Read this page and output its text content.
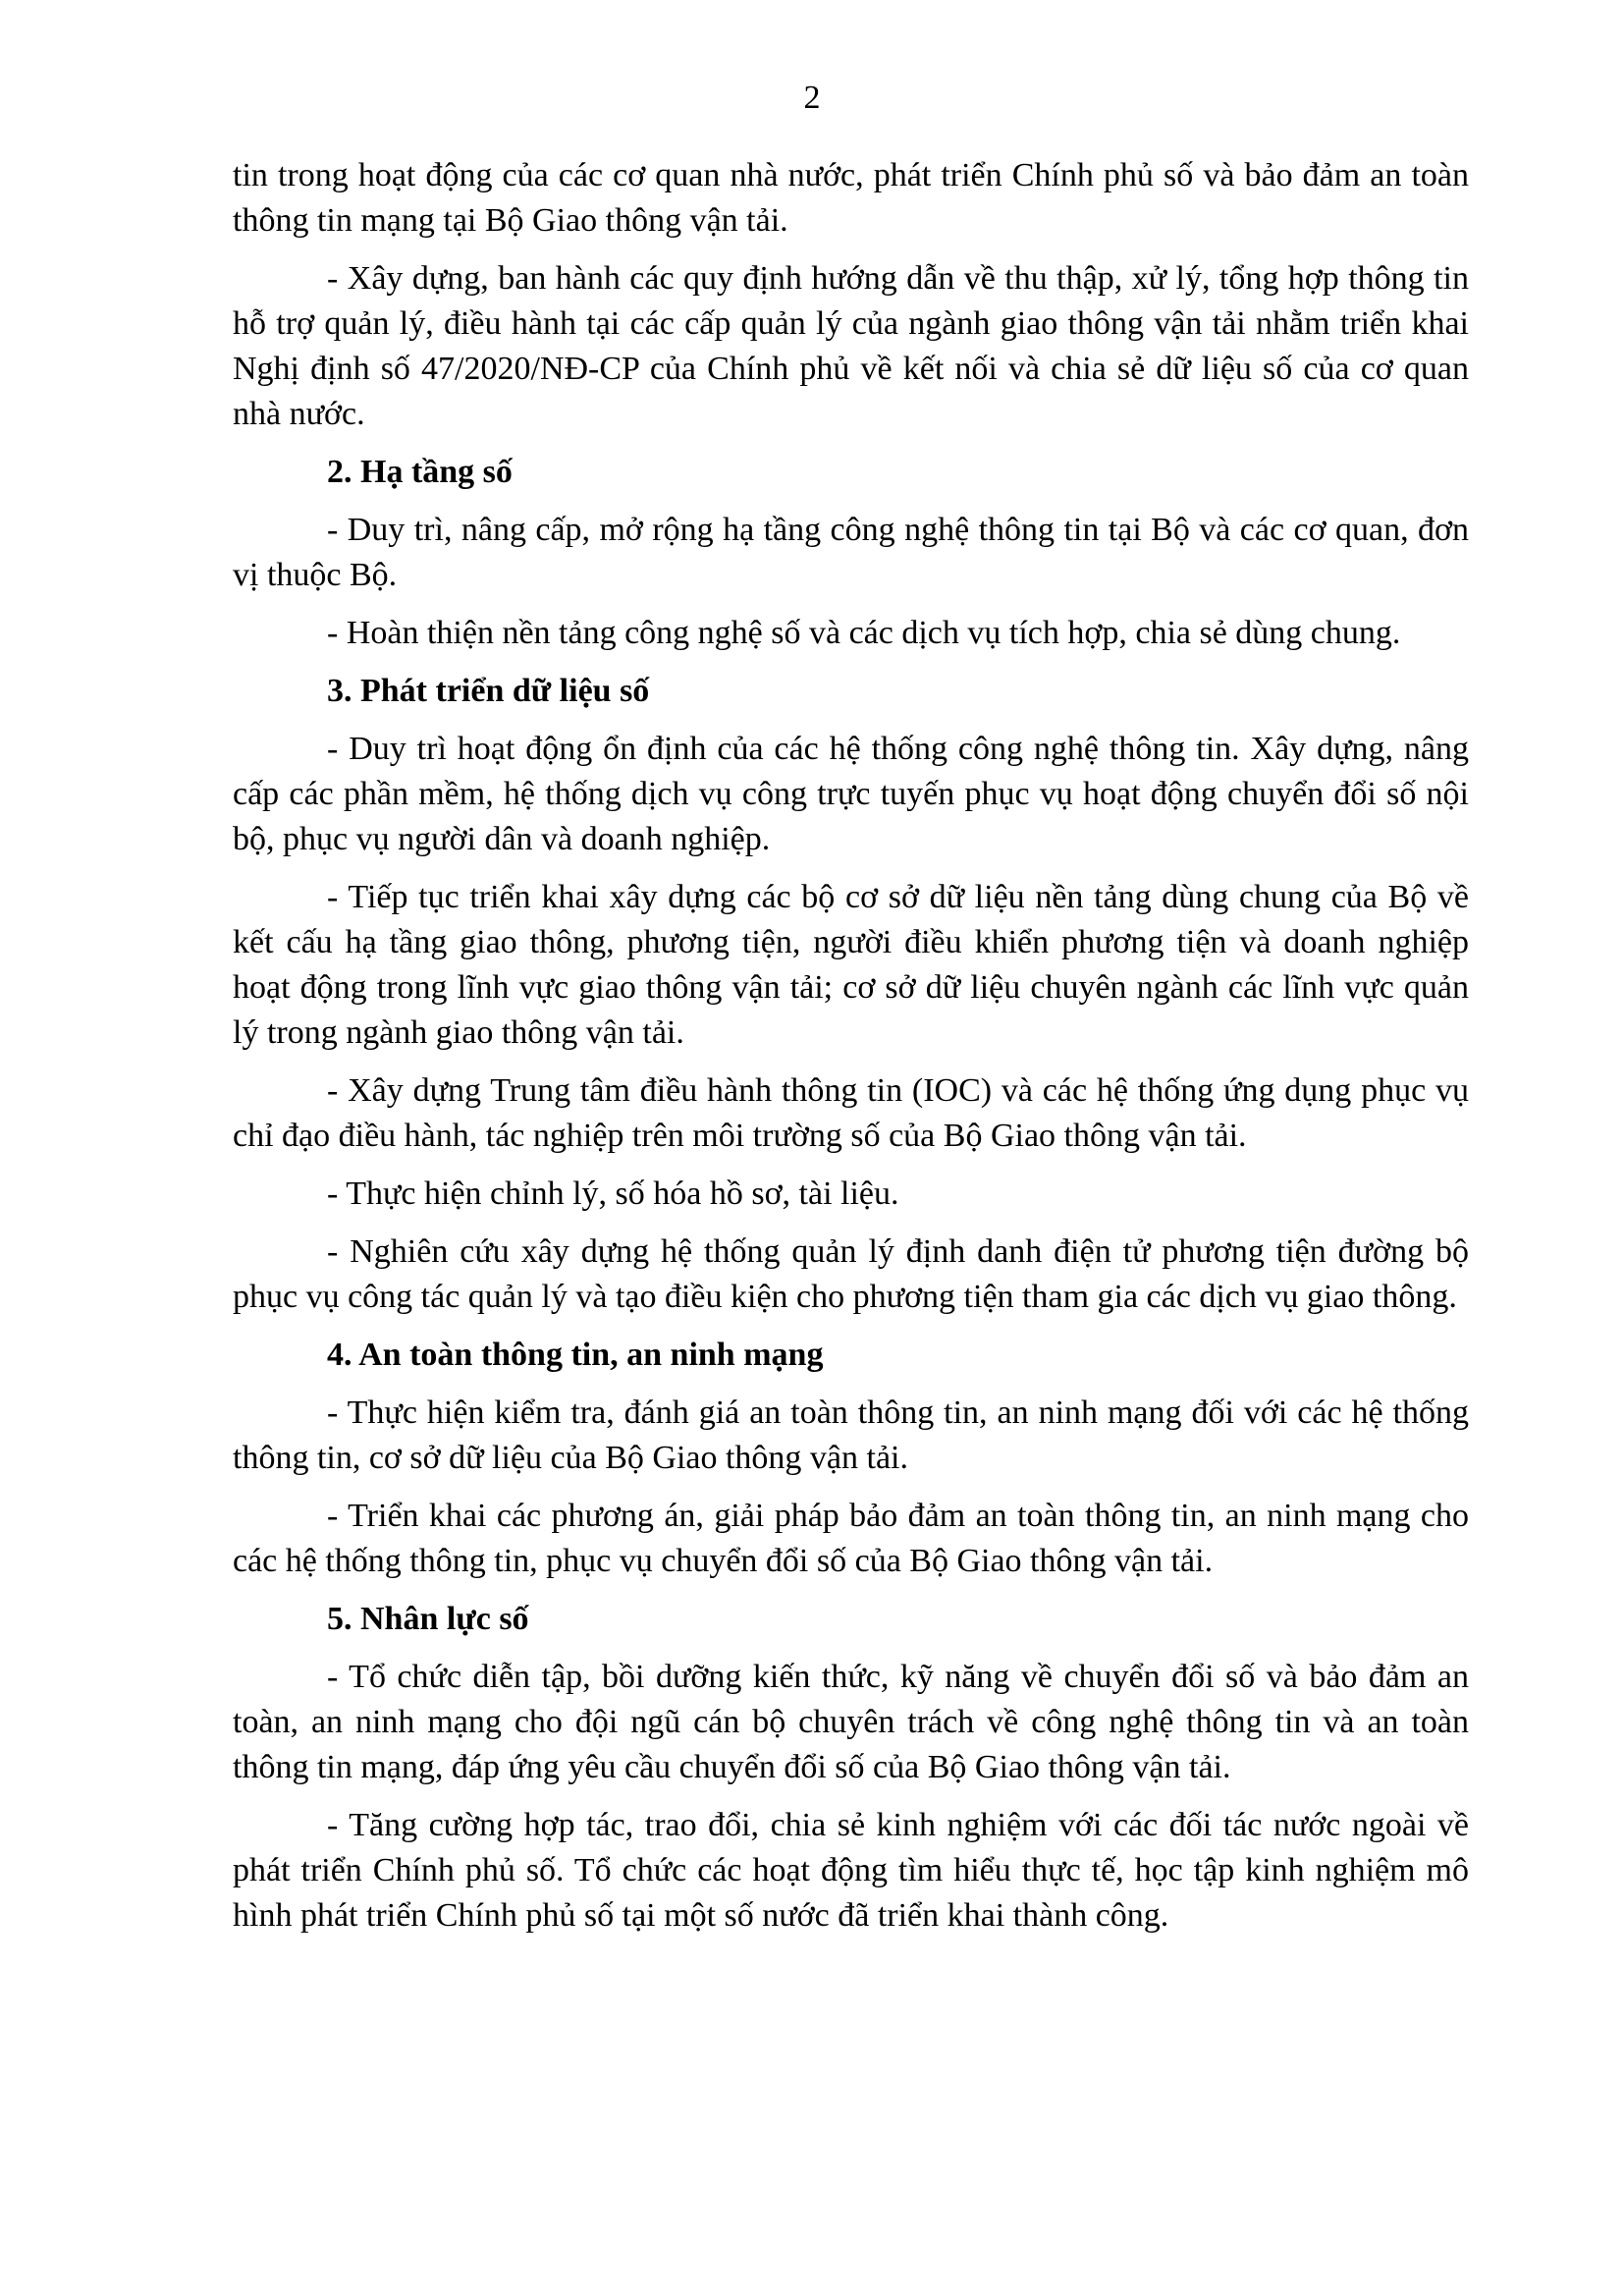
2

tin trong hoạt động của các cơ quan nhà nước, phát triển Chính phủ số và bảo đảm an toàn thông tin mạng tại Bộ Giao thông vận tải.

- Xây dựng, ban hành các quy định hướng dẫn về thu thập, xử lý, tổng hợp thông tin hỗ trợ quản lý, điều hành tại các cấp quản lý của ngành giao thông vận tải nhằm triển khai Nghị định số 47/2020/NĐ-CP của Chính phủ về kết nối và chia sẻ dữ liệu số của cơ quan nhà nước.

2. Hạ tầng số

- Duy trì, nâng cấp, mở rộng hạ tầng công nghệ thông tin tại Bộ và các cơ quan, đơn vị thuộc Bộ.

- Hoàn thiện nền tảng công nghệ số và các dịch vụ tích hợp, chia sẻ dùng chung.

3. Phát triển dữ liệu số

- Duy trì hoạt động ổn định của các hệ thống công nghệ thông tin. Xây dựng, nâng cấp các phần mềm, hệ thống dịch vụ công trực tuyến phục vụ hoạt động chuyển đổi số nội bộ, phục vụ người dân và doanh nghiệp.

- Tiếp tục triển khai xây dựng các bộ cơ sở dữ liệu nền tảng dùng chung của Bộ về kết cấu hạ tầng giao thông, phương tiện, người điều khiển phương tiện và doanh nghiệp hoạt động trong lĩnh vực giao thông vận tải; cơ sở dữ liệu chuyên ngành các lĩnh vực quản lý trong ngành giao thông vận tải.

- Xây dựng Trung tâm điều hành thông tin (IOC) và các hệ thống ứng dụng phục vụ chỉ đạo điều hành, tác nghiệp trên môi trường số của Bộ Giao thông vận tải.

- Thực hiện chỉnh lý, số hóa hồ sơ, tài liệu.

- Nghiên cứu xây dựng hệ thống quản lý định danh điện tử phương tiện đường bộ phục vụ công tác quản lý và tạo điều kiện cho phương tiện tham gia các dịch vụ giao thông.

4. An toàn thông tin, an ninh mạng

- Thực hiện kiểm tra, đánh giá an toàn thông tin, an ninh mạng đối với các hệ thống thông tin, cơ sở dữ liệu của Bộ Giao thông vận tải.

- Triển khai các phương án, giải pháp bảo đảm an toàn thông tin, an ninh mạng cho các hệ thống thông tin, phục vụ chuyển đổi số của Bộ Giao thông vận tải.

5. Nhân lực số

- Tổ chức diễn tập, bồi dưỡng kiến thức, kỹ năng về chuyển đổi số và bảo đảm an toàn, an ninh mạng cho đội ngũ cán bộ chuyên trách về công nghệ thông tin và an toàn thông tin mạng, đáp ứng yêu cầu chuyển đổi số của Bộ Giao thông vận tải.

- Tăng cường hợp tác, trao đổi, chia sẻ kinh nghiệm với các đối tác nước ngoài về phát triển Chính phủ số. Tổ chức các hoạt động tìm hiểu thực tế, học tập kinh nghiệm mô hình phát triển Chính phủ số tại một số nước đã triển khai thành công.
